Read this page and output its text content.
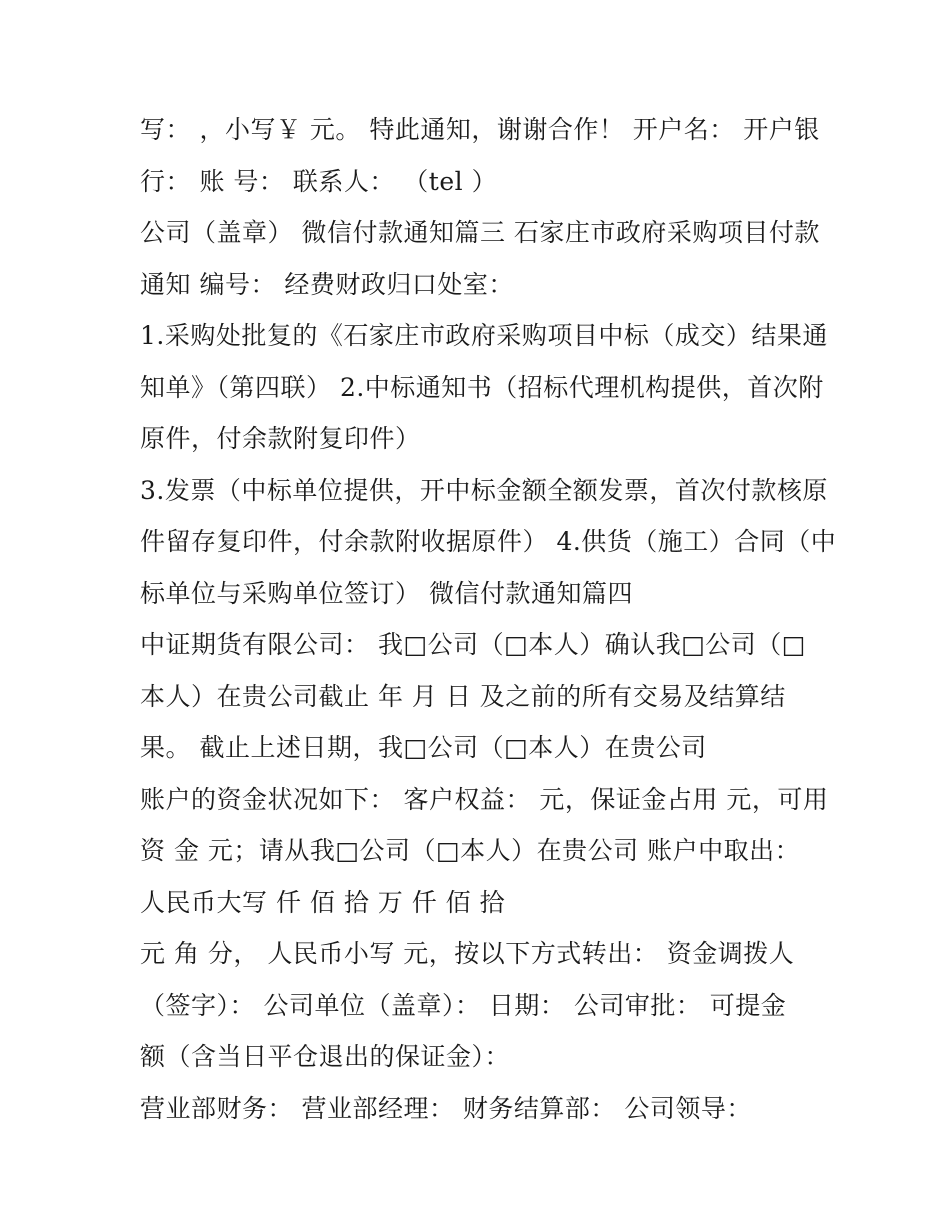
写： ，小写￥ 元。 特此通知，谢谢合作！ 开户名： 开户银
行： 账 号： 联系人： （tel ）
公司（盖章） 微信付款通知篇三 石家庄市政府采购项目付款
通知 编号： 经费财政归口处室：
1.采购处批复的《石家庄市政府采购项目中标（成交）结果通
知单》（第四联） 2.中标通知书（招标代理机构提供，首次附
原件，付余款附复印件）
3.发票（中标单位提供，开中标金额全额发票，首次付款核原
件留存复印件，付余款附收据原件） 4.供货（施工）合同（中
标单位与采购单位签订） 微信付款通知篇四
中证期货有限公司： 我□公司（□本人）确认我□公司（□
本人）在贵公司截止 年 月 日 及之前的所有交易及结算结
果。 截止上述日期，我□公司（□本人）在贵公司
账户的资金状况如下： 客户权益： 元，保证金占用 元，可用
资 金 元；请从我□公司（□本人）在贵公司 账户中取出：
人民币大写 仟 佰 拾 万 仟 佰 拾
元 角 分， 人民币小写 元，按以下方式转出： 资金调拨人
（签字）： 公司单位（盖章）： 日期： 公司审批： 可提金
额（含当日平仓退出的保证金）：
营业部财务： 营业部经理： 财务结算部： 公司领导：
